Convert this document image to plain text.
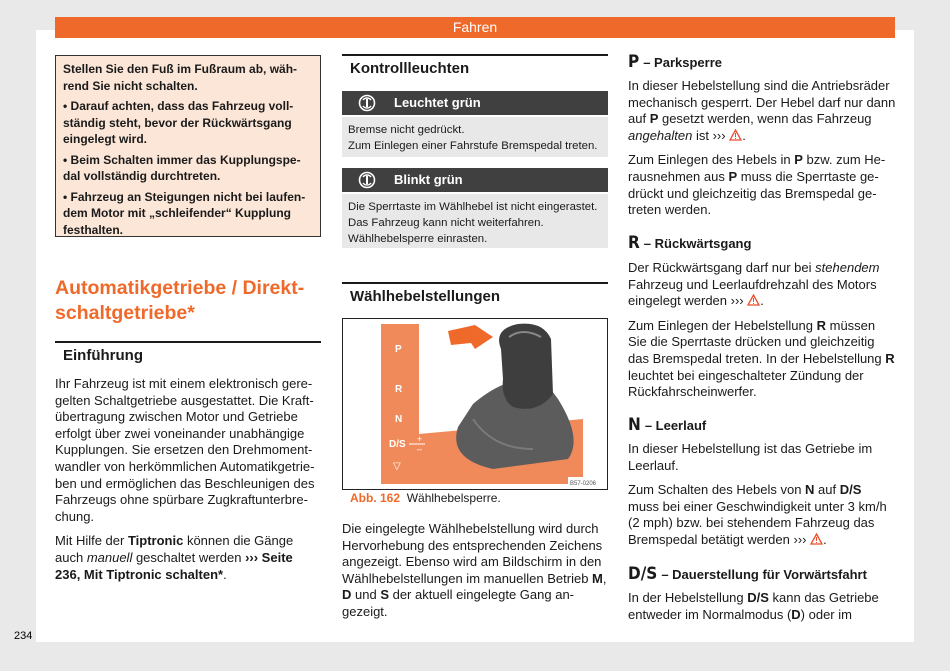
Fahren

Stellen Sie den Fuß im Fußraum ab, während Sie nicht schalten.

• Darauf achten, dass das Fahrzeug vollständig steht, bevor der Rückwärtsgang eingelegt wird.

• Beim Schalten immer das Kupplungspedal vollständig durchtreten.

• Fahrzeug an Steigungen nicht bei laufendem Motor mit „schleifender“ Kupplung festhalten.

Automatikgetriebe / Direkt-
schaltgetriebe*
Einführung

Ihr Fahrzeug ist mit einem elektronisch geregelten Schaltgetriebe ausgestattet. Die Kraftübertragung zwischen Motor und Getriebe erfolgt über zwei voneinander unabhängige Kupplungen. Sie ersetzen den Drehmomentwandler von herkömmlichen Automatikgetrieben und ermöglichen das Beschleunigen des Fahrzeugs ohne spürbare Zugkraftunterbrechung.

Mit Hilfe der Tiptronic können die Gänge auch manuell geschaltet werden ››› Seite 236, Mit Tiptronic schalten*.

234
Kontrollleuchten
Leuchtet grün
Bremse nicht gedrückt.
Zum Einlegen einer Fahrstufe Bremspedal treten.
Blinkt grün
Die Sperrtaste im Wählhebel ist nicht eingerastet. Das Fahrzeug kann nicht weiterfahren. Wählhebelsperre einrasten.
Wählhebelstellungen
P
R
N
D/S +
–
▽
B57-0206
Abb. 162 Wählhebelsperre.

Die eingelegte Wählhebelstellung wird durch Hervorhebung des entsprechenden Zeichens angezeigt. Ebenso wird am Bildschirm in den Wählhebelstellungen im manuellen Betrieb M, D und S der aktuell eingelegte Gang angezeigt.

P – Parksperre

In dieser Hebelstellung sind die Antriebsräder mechanisch gesperrt. Der Hebel darf nur dann auf P gesetzt werden, wenn das Fahrzeug angehalten ist ››› .

Zum Einlegen des Hebels in P bzw. zum Herausnehmen aus P muss die Sperrtaste gedrückt und gleichzeitig das Bremspedal getreten werden.

R – Rückwärtsgang

Der Rückwärtsgang darf nur bei stehendem Fahrzeug und Leerlaufdrehzahl des Motors eingelegt werden ››› .

Zum Einlegen der Hebelstellung R müssen Sie die Sperrtaste drücken und gleichzeitig das Bremspedal treten. In der Hebelstellung R leuchtet bei eingeschalteter Zündung der Rückfahrscheinwerfer.

N – Leerlauf

In dieser Hebelstellung ist das Getriebe im Leerlauf.

Zum Schalten des Hebels von N auf D/S muss bei einer Geschwindigkeit unter 3 km/h (2 mph) bzw. bei stehendem Fahrzeug das Bremspedal betätigt werden ››› .

D/S – Dauerstellung für Vorwärtsfahrt

In der Hebelstellung D/S kann das Getriebe entweder im Normalmodus (D) oder im
